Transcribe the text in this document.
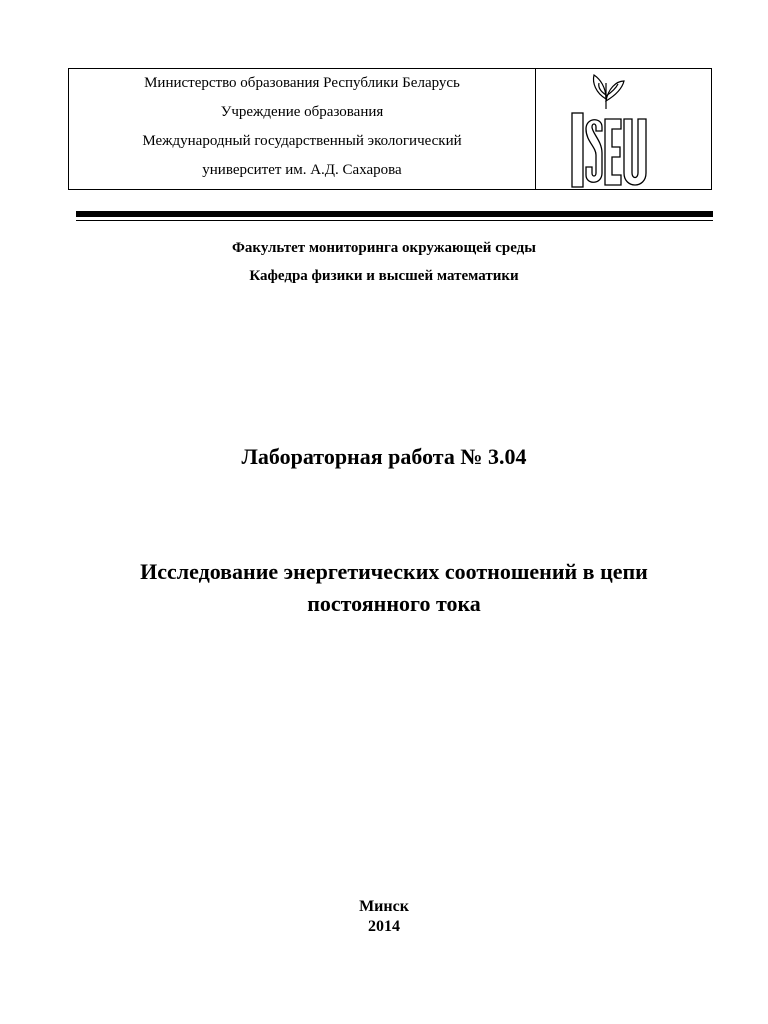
Министерство образования Республики Беларусь
Учреждение образования
Международный государственный экологический
университет им. А.Д. Сахарова
Факультет мониторинга окружающей среды
Кафедра физики и высшей математики
Лабораторная работа № 3.04
Исследование энергетических соотношений в цепи
постоянного тока
Минск
2014
